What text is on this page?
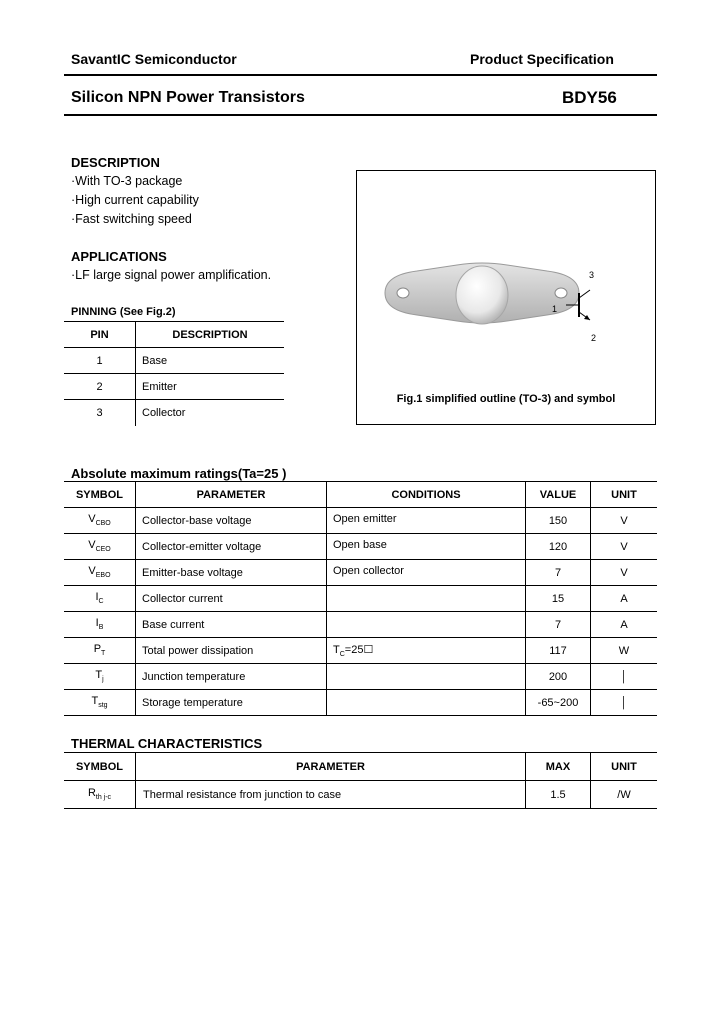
SavantIC Semiconductor	Product Specification
Silicon NPN Power Transistors	BDY56
DESCRIPTION
·With TO-3 package
·High current capability
·Fast switching speed
APPLICATIONS
·LF large signal power amplification.
PINNING (See Fig.2)
PIN	DESCRIPTION
1	Base
2	Emitter
3	Collector
3
1
2
Fig.1 simplified outline (TO-3) and symbol
Absolute maximum ratings(Ta=25 )
SYMBOL	PARAMETER	CONDITIONS	VALUE	UNIT
$V_{CBO}$	Collector-base voltage	Open emitter	150	V
$V_{CEO}$	Collector-emitter voltage	Open base	120	V
$V_{EBO}$	Emitter-base voltage	Open collector	7	V
$I_C$	Collector current		15	A
$I_B$	Base current		7	A
$P_T$	Total power dissipation	$T_C=25☐$	117	W
$T_j$	Junction temperature		200	│
$T_{stg}$	Storage temperature		-65~200	│
THERMAL CHARACTERISTICS
SYMBOL	PARAMETER	MAX	UNIT
$R_{th j-c}$	Thermal resistance from junction to case	1.5	/W
